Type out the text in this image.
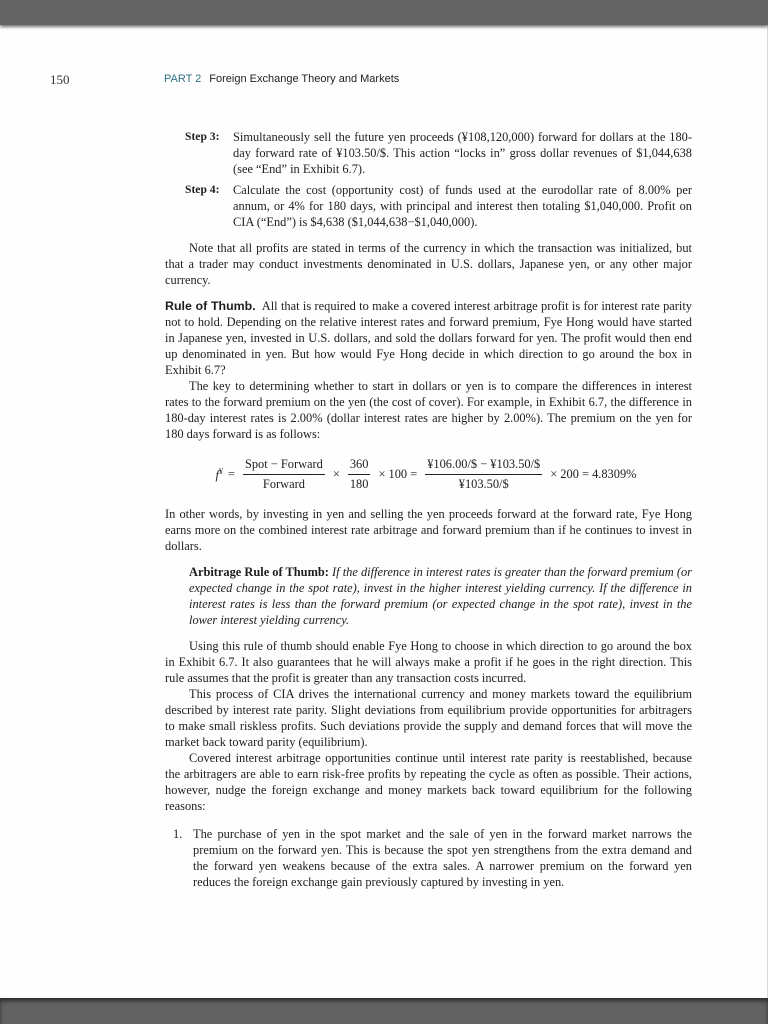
150	PART 2 Foreign Exchange Theory and Markets
Step 3:	Simultaneously sell the future yen proceeds (¥108,120,000) forward for dollars at the 180-day forward rate of ¥103.50/$. This action “locks in” gross dollar revenues of $1,044,638 (see “End” in Exhibit 6.7).
Step 4:	Calculate the cost (opportunity cost) of funds used at the eurodollar rate of 8.00% per annum, or 4% for 180 days, with principal and interest then totaling $1,040,000. Profit on CIA (“End”) is $4,638 ($1,044,638−$1,040,000).

Note that all profits are stated in terms of the currency in which the transaction was initialized, but that a trader may conduct investments denominated in U.S. dollars, Japanese yen, or any other major currency.

Rule of Thumb. All that is required to make a covered interest arbitrage profit is for interest rate parity not to hold. Depending on the relative interest rates and forward premium, Fye Hong would have started in Japanese yen, invested in U.S. dollars, and sold the dollars forward for yen. The profit would then end up denominated in yen. But how would Fye Hong decide in which direction to go around the box in Exhibit 6.7?

The key to determining whether to start in dollars or yen is to compare the differences in interest rates to the forward premium on the yen (the cost of cover). For example, in Exhibit 6.7, the difference in 180-day interest rates is 2.00% (dollar interest rates are higher by 2.00%). The premium on the yen for 180 days forward is as follows:

$f^¥ = \frac{\text{Spot − Forward}}{\text{Forward}} \times \frac{360}{180} \times 100 = \frac{¥106.00/\$ - ¥103.50/\$}{¥103.50/\$} \times 200 = 4.8309\%$

In other words, by investing in yen and selling the yen proceeds forward at the forward rate, Fye Hong earns more on the combined interest rate arbitrage and forward premium than if he continues to invest in dollars.

Arbitrage Rule of Thumb: If the difference in interest rates is greater than the forward premium (or expected change in the spot rate), invest in the higher interest yielding currency. If the difference in interest rates is less than the forward premium (or expected change in the spot rate), invest in the lower interest yielding currency.

Using this rule of thumb should enable Fye Hong to choose in which direction to go around the box in Exhibit 6.7. It also guarantees that he will always make a profit if he goes in the right direction. This rule assumes that the profit is greater than any transaction costs incurred.

This process of CIA drives the international currency and money markets toward the equilibrium described by interest rate parity. Slight deviations from equilibrium provide opportunities for arbitragers to make small riskless profits. Such deviations provide the supply and demand forces that will move the market back toward parity (equilibrium).

Covered interest arbitrage opportunities continue until interest rate parity is reestablished, because the arbitragers are able to earn risk-free profits by repeating the cycle as often as possible. Their actions, however, nudge the foreign exchange and money markets back toward equilibrium for the following reasons:

1. The purchase of yen in the spot market and the sale of yen in the forward market narrows the premium on the forward yen. This is because the spot yen strengthens from the extra demand and the forward yen weakens because of the extra sales. A narrower premium on the forward yen reduces the foreign exchange gain previously captured by investing in yen.
